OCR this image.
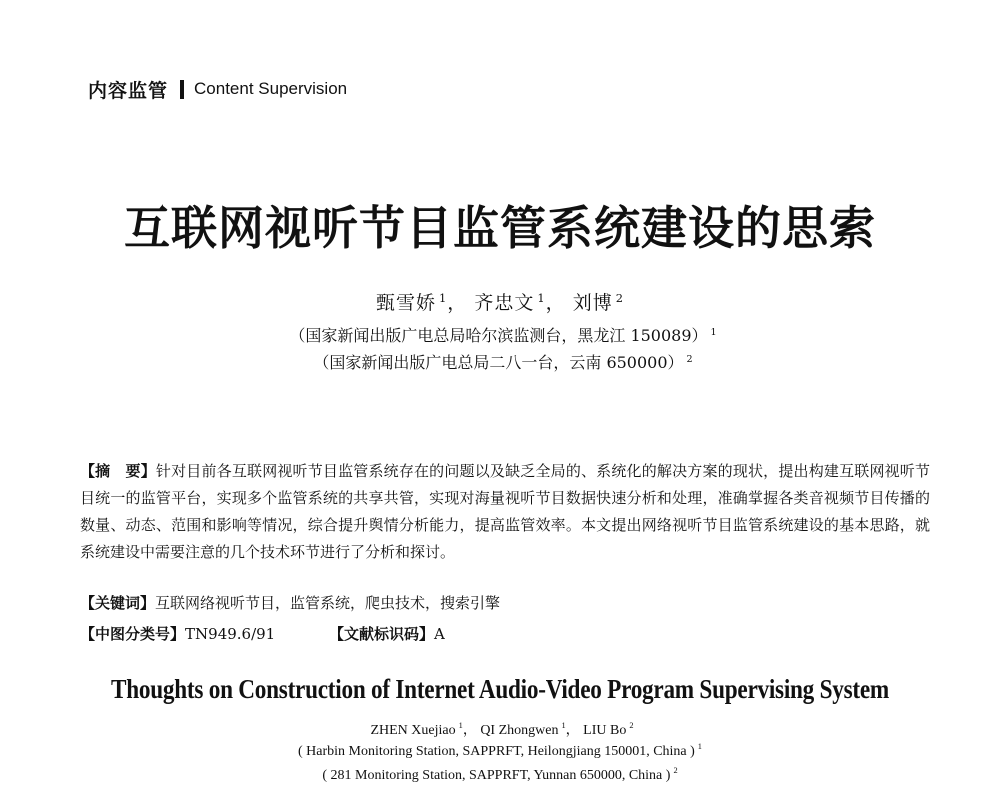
内容监管 Content Supervision
互联网视听节目监管系统建设的思索
甄雪娇 $^1$， 齐忠文 $^1$， 刘博 $^2$
（国家新闻出版广电总局哈尔滨监测台，黑龙江 150089） $^1$
（国家新闻出版广电总局二八一台，云南 650000） $^2$
【摘　要】针对目前各互联网视听节目监管系统存在的问题以及缺乏全局的、系统化的解决方案的现状，提出构建互联网视听节目统一的监管平台，实现多个监管系统的共享共管，实现对海量视听节目数据快速分析和处理，准确掌握各类音视频节目传播的数量、动态、范围和影响等情况，综合提升舆情分析能力，提高监管效率。本文提出网络视听节目监管系统建设的基本思路，就系统建设中需要注意的几个技术环节进行了分析和探讨。
【关键词】互联网络视听节目，监管系统，爬虫技术，搜索引擎
【中图分类号】TN949.6/91	【文献标识码】A
Thoughts on Construction of Internet Audio-Video Program Supervising System
ZHEN Xuejiao $^1$， QI Zhongwen $^1$， LIU Bo $^2$
( Harbin Monitoring Station, SAPPRFT, Heilongjiang 150001, China ) $^1$
( 281 Monitoring Station, SAPPRFT, Yunnan 650000, China ) $^2$
